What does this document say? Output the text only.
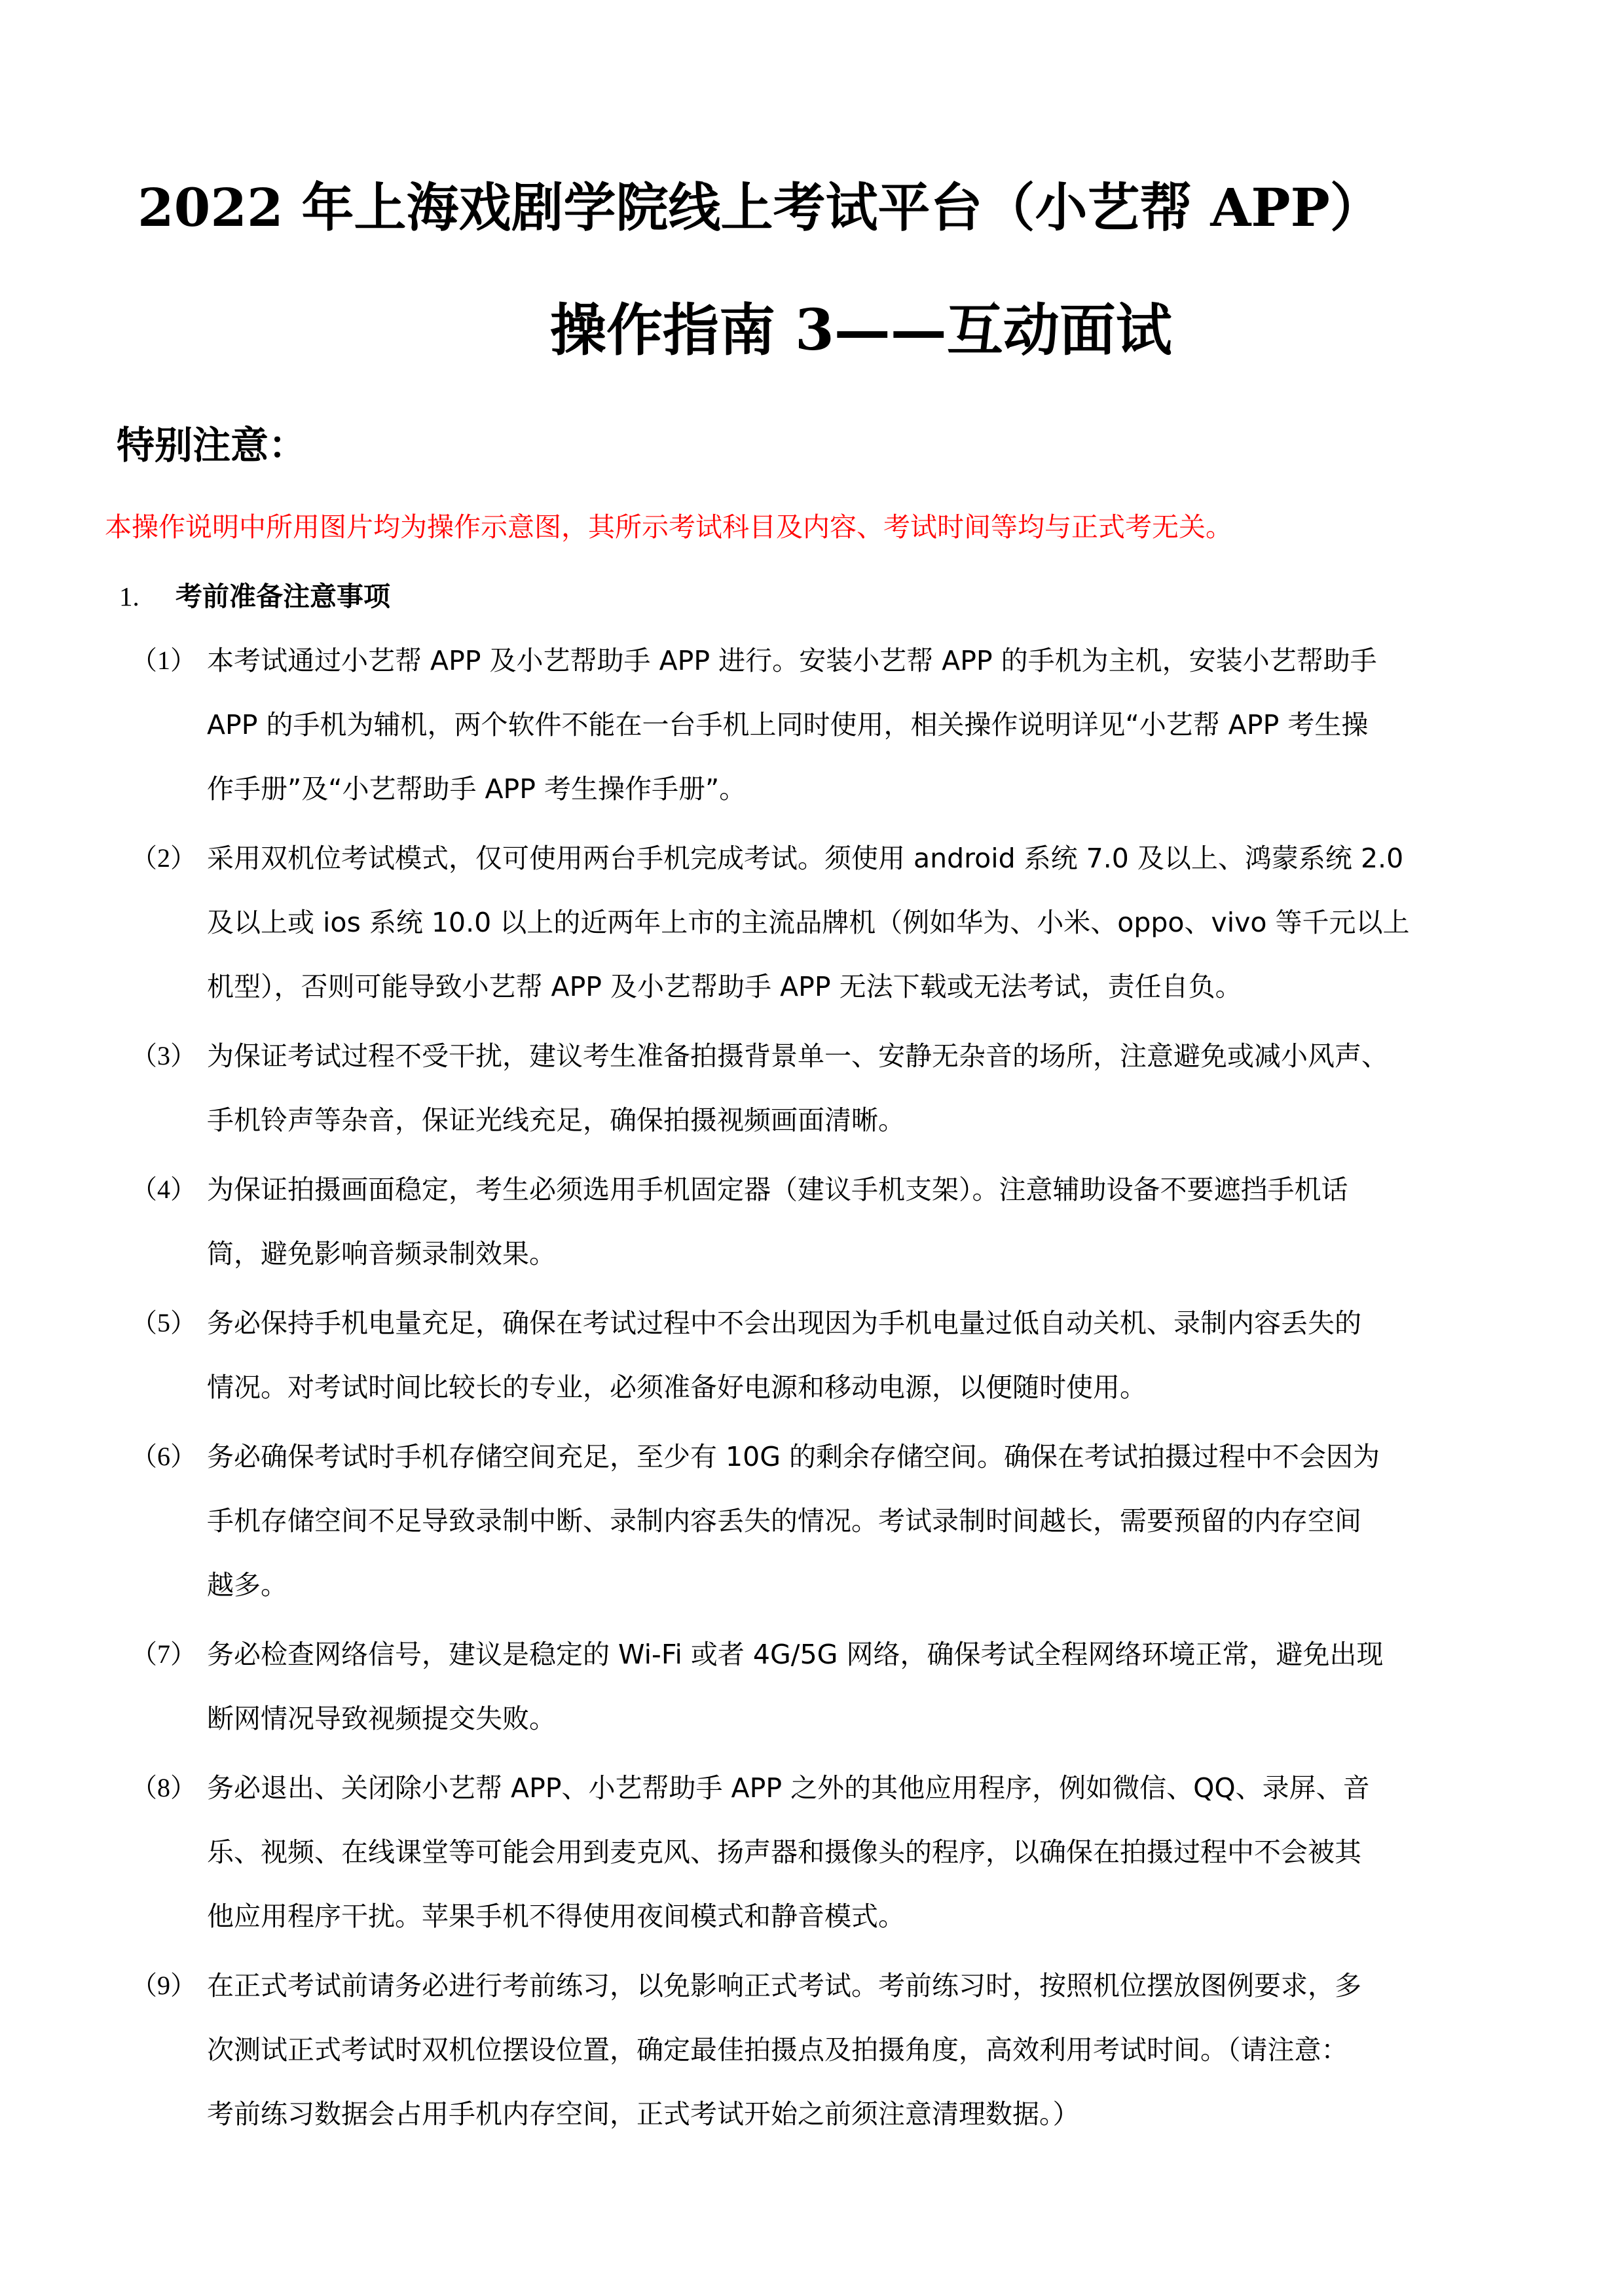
2022 年上海戏剧学院线上考试平台（小艺帮 APP）
操作指南 3——互动面试
特别注意：
本操作说明中所用图片均为操作示意图，其所示考试科目及内容、考试时间等均与正式考无关。
1. 考前准备注意事项
（1） 本考试通过小艺帮 APP 及小艺帮助手 APP 进行。安装小艺帮 APP 的手机为主机，安装小艺帮助手
APP 的手机为辅机，两个软件不能在一台手机上同时使用，相关操作说明详见“小艺帮 APP 考生操
作手册”及“小艺帮助手 APP 考生操作手册”。
（2） 采用双机位考试模式，仅可使用两台手机完成考试。须使用 android 系统 7.0 及以上、鸿蒙系统 2.0
及以上或 ios 系统 10.0 以上的近两年上市的主流品牌机（例如华为、小米、oppo、vivo 等千元以上
机型），否则可能导致小艺帮 APP 及小艺帮助手 APP 无法下载或无法考试，责任自负。
（3） 为保证考试过程不受干扰，建议考生准备拍摄背景单一、安静无杂音的场所，注意避免或减小风声、
手机铃声等杂音，保证光线充足，确保拍摄视频画面清晰。
（4） 为保证拍摄画面稳定，考生必须选用手机固定器（建议手机支架）。注意辅助设备不要遮挡手机话
筒，避免影响音频录制效果。
（5） 务必保持手机电量充足，确保在考试过程中不会出现因为手机电量过低自动关机、录制内容丢失的
情况。对考试时间比较长的专业，必须准备好电源和移动电源，以便随时使用。
（6） 务必确保考试时手机存储空间充足，至少有 10G 的剩余存储空间。确保在考试拍摄过程中不会因为
手机存储空间不足导致录制中断、录制内容丢失的情况。考试录制时间越长，需要预留的内存空间
越多。
（7） 务必检查网络信号，建议是稳定的 Wi-Fi 或者 4G/5G 网络，确保考试全程网络环境正常，避免出现
断网情况导致视频提交失败。
（8） 务必退出、关闭除小艺帮 APP、小艺帮助手 APP 之外的其他应用程序，例如微信、QQ、录屏、音
乐、视频、在线课堂等可能会用到麦克风、扬声器和摄像头的程序，以确保在拍摄过程中不会被其
他应用程序干扰。苹果手机不得使用夜间模式和静音模式。
（9） 在正式考试前请务必进行考前练习，以免影响正式考试。考前练习时，按照机位摆放图例要求，多
次测试正式考试时双机位摆设位置，确定最佳拍摄点及拍摄角度，高效利用考试时间。（请注意：
考前练习数据会占用手机内存空间，正式考试开始之前须注意清理数据。）
